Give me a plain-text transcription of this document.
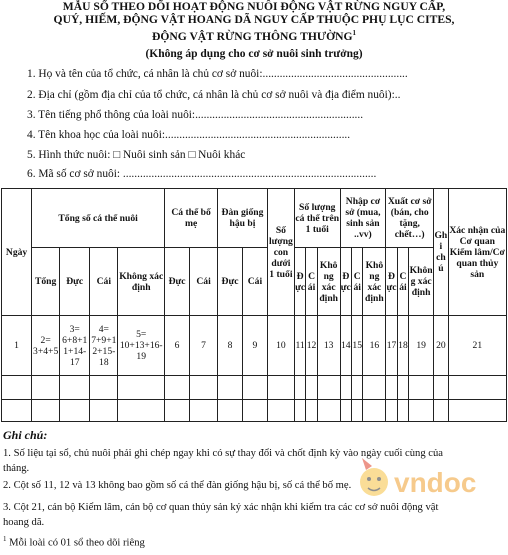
MẪU SỔ THEO DÕI HOẠT ĐỘNG NUÔI ĐỘNG VẬT RỪNG NGUY CẤP,
QUÝ, HIẾM, ĐỘNG VẬT HOANG DÃ NGUY CẤP THUỘC PHỤ LỤC CITES,
ĐỘNG VẬT RỪNG THÔNG THƯỜNG$^1$
(Không áp dụng cho cơ sở nuôi sinh trưởng)
1. Họ và tên của tổ chức, cá nhân là chủ cơ sở nuôi:...................................................
2. Địa chỉ (gồm địa chỉ của tổ chức, cá nhân là chủ cơ sở nuôi và địa điểm nuôi):..
3. Tên tiếng phổ thông của loài nuôi:...........................................................
4. Tên khoa học của loài nuôi:.................................................................
5. Hình thức nuôi: □ Nuôi sinh sản □ Nuôi khác
6. Mã số cơ sở nuôi: .........................................................................................
Ngày	Tổng số cá thể nuôi				Cá thể bố mẹ		Đàn giống hậu bị		Số lượng con dưới 1 tuổi	Số lượng cá thể trên 1 tuổi			Nhập cơ sở (mua, sinh sản ..vv)			Xuất cơ sở (bán, cho tặng, chết…)			Ghi chú	Xác nhận của Cơ quan Kiểm lâm/Cơ quan thủy sản
	Tổng	Đực	Cái	Không xác định	Đực	Cái	Đực	Cái		Đực	Cái	Không xác định	Đực	Cái	Không xác định	Đực	Cái	Không xác định		
1	2= 3+4+5	3= 6+8+11+14-17	4= 7+9+12+15-18	5= 10+13+16-19	6	7	8	9	10	11	12	13	14	15	16	17	18	19	20	21

Ghi chú:
1. Số liệu tại sổ, chủ nuôi phải ghi chép ngay khi có sự thay đổi và chốt định kỳ vào ngày cuối cùng của tháng.
2. Cột số 11, 12 và 13 không bao gồm số cá thể đàn giống hậu bị, số cá thể bố mẹ.
3. Cột 21, cán bộ Kiểm lâm, cán bộ cơ quan thủy sản ký xác nhận khi kiểm tra các cơ sở nuôi động vật hoang dã.
$^1$ Mỗi loài có 01 sổ theo dõi riêng
vndoc
